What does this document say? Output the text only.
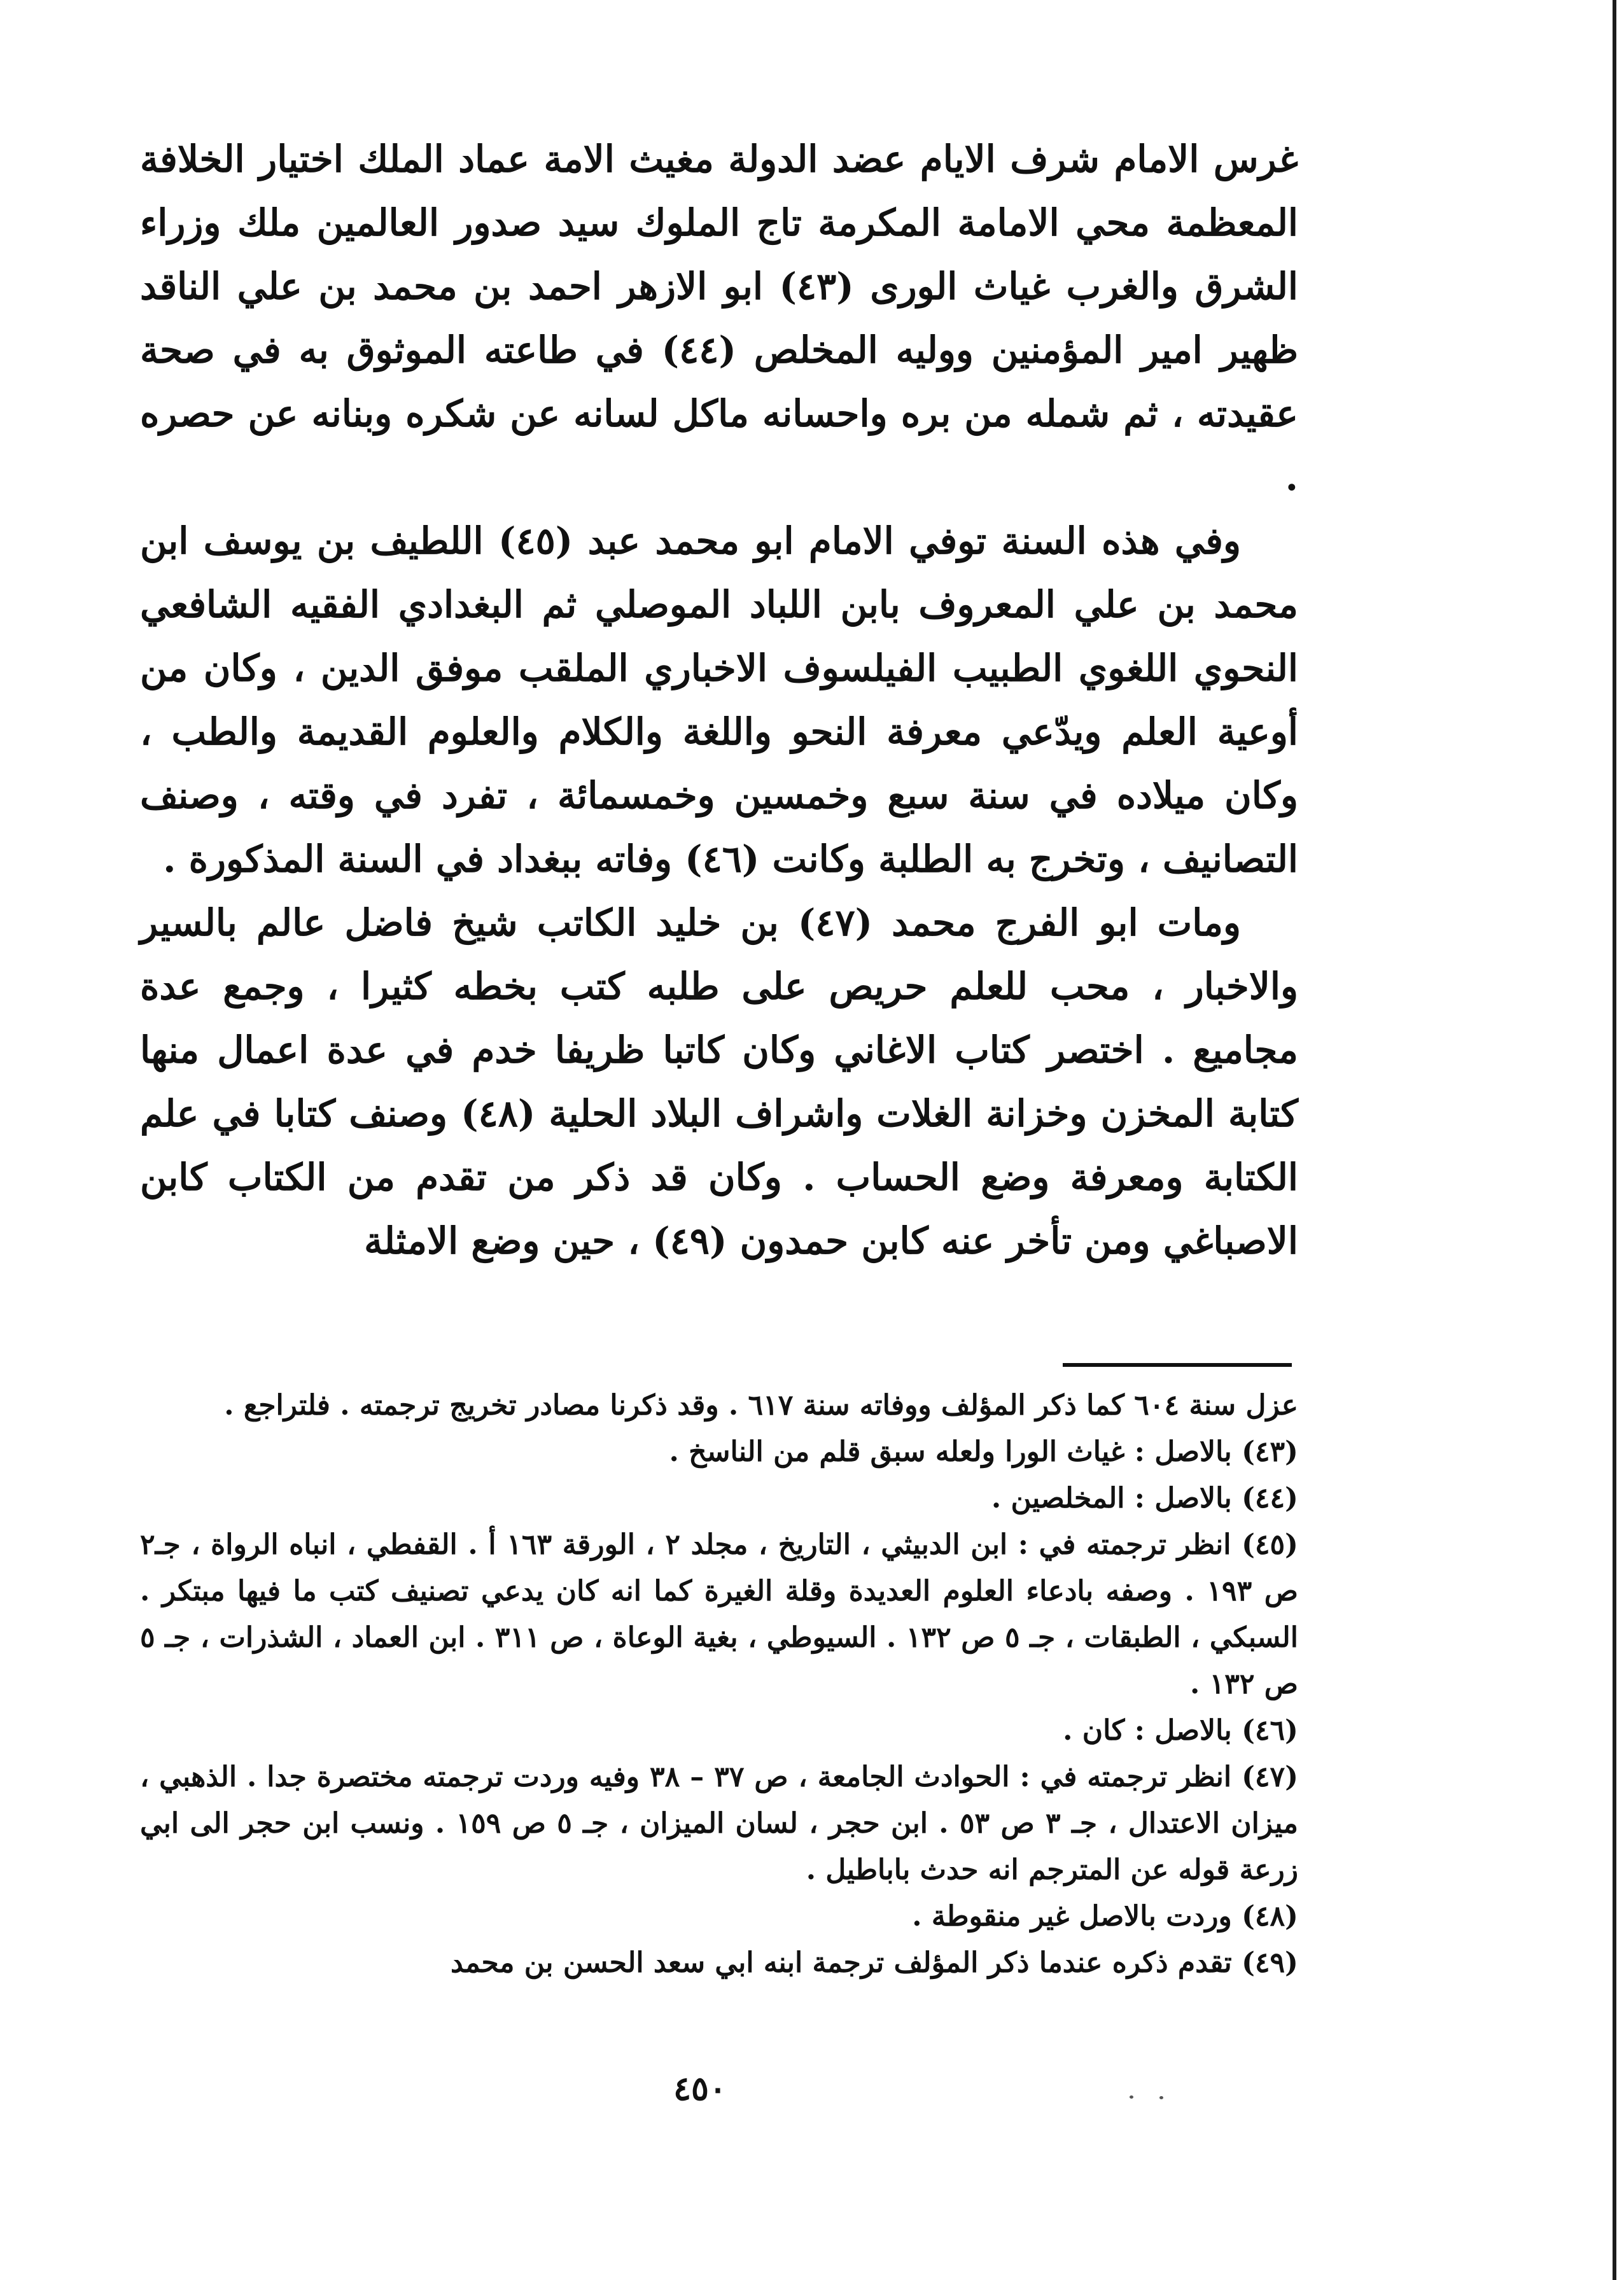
غرس الامام شرف الايام عضد الدولة مغيث الامة عماد الملك اختيار الخلافة المعظمة محي الامامة المكرمة تاج الملوك سيد صدور العالمين ملك وزراء الشرق والغرب غياث الورى (٤٣) ابو الازهر احمد بن محمد بن علي الناقد ظهير امير المؤمنين ووليه المخلص (٤٤) في طاعته الموثوق به في صحة عقيدته ، ثم شمله من بره واحسانه ماكل لسانه عن شكره وبنانه عن حصره .

وفي هذه السنة توفي الامام ابو محمد عبد (٤٥) اللطيف بن يوسف ابن محمد بن علي المعروف بابن اللباد الموصلي ثم البغدادي الفقيه الشافعي النحوي اللغوي الطبيب الفيلسوف الاخباري الملقب موفق الدين ، وكان من أوعية العلم ويدّعي معرفة النحو واللغة والكلام والعلوم القديمة والطب ، وكان ميلاده في سنة سبع وخمسين وخمسمائة ، تفرد في وقته ، وصنف التصانيف ، وتخرج به الطلبة وكانت (٤٦) وفاته ببغداد في السنة المذكورة .

ومات ابو الفرج محمد (٤٧) بن خليد الكاتب شيخ فاضل عالم بالسير والاخبار ، محب للعلم حريص على طلبه كتب بخطه كثيرا ، وجمع عدة مجاميع . اختصر كتاب الاغاني وكان كاتبا ظريفا خدم في عدة اعمال منها كتابة المخزن وخزانة الغلات واشراف البلاد الحلية (٤٨) وصنف كتابا في علم الكتابة ومعرفة وضع الحساب . وكان قد ذكر من تقدم من الكتاب كابن الاصباغي ومن تأخر عنه كابن حمدون (٤٩) ، حين وضع الامثلة

عزل سنة ٦٠٤ كما ذكر المؤلف ووفاته سنة ٦١٧ . وقد ذكرنا مصادر تخريج ترجمته . فلتراجع .

(٤٣) بالاصل : غياث الورا ولعله سبق قلم من الناسخ .

(٤٤) بالاصل : المخلصين .

(٤٥) انظر ترجمته في : ابن الدبيثي ، التاريخ ، مجلد ٢ ، الورقة ١٦٣ أ . القفطي ، انباه الرواة ، جـ٢ ص ١٩٣ . وصفه بادعاء العلوم العديدة وقلة الغيرة كما انه كان يدعي تصنيف كتب ما فيها مبتكر . السبكي ، الطبقات ، جـ ٥ ص ١٣٢ . السيوطي ، بغية الوعاة ، ص ٣١١ . ابن العماد ، الشذرات ، جـ ٥ ص ١٣٢ .

(٤٦) بالاصل : كان .

(٤٧) انظر ترجمته في : الحوادث الجامعة ، ص ٣٧ – ٣٨ وفيه وردت ترجمته مختصرة جدا . الذهبي ، ميزان الاعتدال ، جـ ٣ ص ٥٣ . ابن حجر ، لسان الميزان ، جـ ٥ ص ١٥٩ . ونسب ابن حجر الى ابي زرعة قوله عن المترجم انه حدث باباطيل .

(٤٨) وردت بالاصل غير منقوطة .

(٤٩) تقدم ذكره عندما ذكر المؤلف ترجمة ابنه ابي سعد الحسن بن محمد

٤٥٠
